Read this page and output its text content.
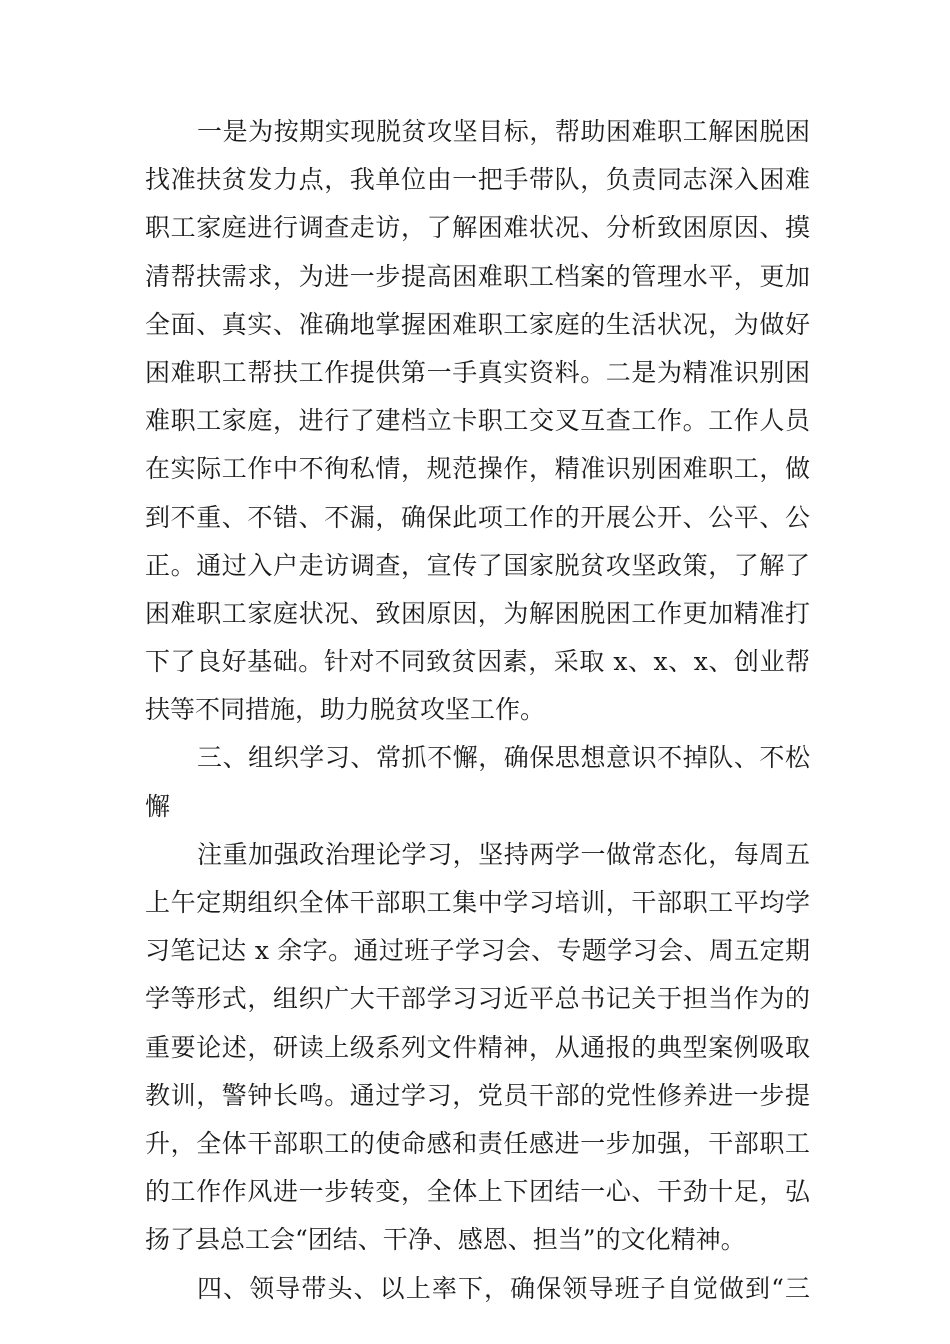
一是为按期实现脱贫攻坚目标，帮助困难职工解困脱困
找准扶贫发力点，我单位由一把手带队，负责同志深入困难
职工家庭进行调查走访，了解困难状况、分析致困原因、摸
清帮扶需求，为进一步提高困难职工档案的管理水平，更加
全面、真实、准确地掌握困难职工家庭的生活状况，为做好
困难职工帮扶工作提供第一手真实资料。二是为精准识别困
难职工家庭，进行了建档立卡职工交叉互查工作。工作人员
在实际工作中不徇私情，规范操作，精准识别困难职工，做
到不重、不错、不漏，确保此项工作的开展公开、公平、公
正。通过入户走访调查，宣传了国家脱贫攻坚政策，了解了
困难职工家庭状况、致困原因，为解困脱困工作更加精准打
下了良好基础。针对不同致贫因素，采取 x、x、x、创业帮
扶等不同措施，助力脱贫攻坚工作。
三、组织学习、常抓不懈，确保思想意识不掉队、不松
懈
注重加强政治理论学习，坚持两学一做常态化，每周五
上午定期组织全体干部职工集中学习培训，干部职工平均学
习笔记达 x 余字。通过班子学习会、专题学习会、周五定期
学等形式，组织广大干部学习习近平总书记关于担当作为的
重要论述，研读上级系列文件精神，从通报的典型案例吸取
教训，警钟长鸣。通过学习，党员干部的党性修养进一步提
升，全体干部职工的使命感和责任感进一步加强，干部职工
的工作作风进一步转变，全体上下团结一心、干劲十足，弘
扬了县总工会“团结、干净、感恩、担当”的文化精神。
四、领导带头、以上率下，确保领导班子自觉做到“三
